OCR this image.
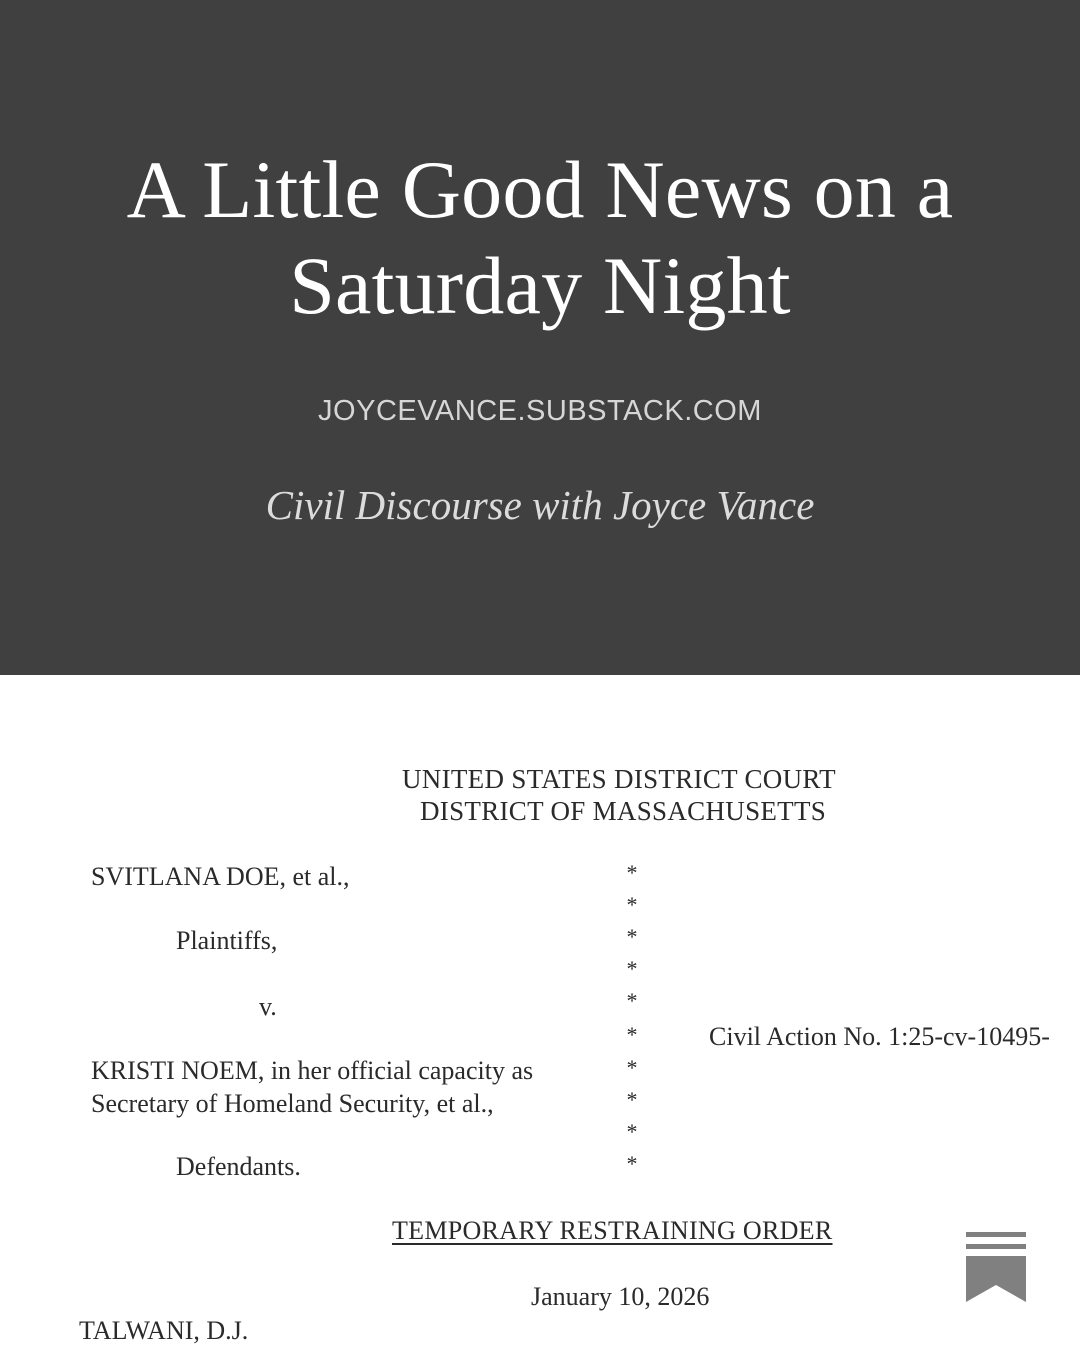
A Little Good News on a Saturday Night
JOYCEVANCE.SUBSTACK.COM
Civil Discourse with Joyce Vance
UNITED STATES DISTRICT COURT
DISTRICT OF MASSACHUSETTS
SVITLANA DOE, et al.,
Plaintiffs,
v.
KRISTI NOEM, in her official capacity as
Secretary of Homeland Security, et al.,
Defendants.
*
*
*
*
*
*
*
*
*
*
Civil Action No. 1:25-cv-10495-
TEMPORARY RESTRAINING ORDER
January 10, 2026
TALWANI, D.J.
